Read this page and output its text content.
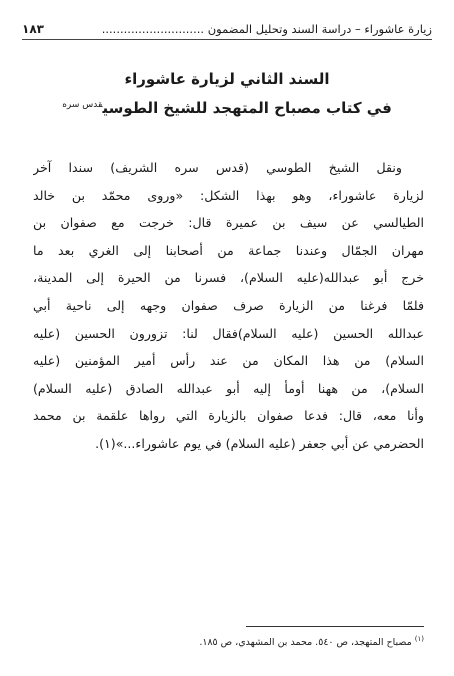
زيارة عاشوراء – دراسة السند وتحليل المضمون ............................
١٨٣
السند الثاني لزيارة عاشوراء
في كتاب مصباح المتهجد للشيخ الطوسي$^{قدس سره}$
ونقل الشيخ الطوسي (قدس سره الشريف) سندا آخر
لزيارة عاشوراء، وهو بهذا الشكل: «وروى محمّد بن خالد
الطيالسي عن سيف بن عميرة قال: خرجت مع صفوان بن
مهران الجمّال وعندنا جماعة من أصحابنا إلى الغري بعد ما
خرج أبو عبدالله(عليه السلام)، فسرنا من الحيرة إلى المدينة،
فلمّا فرغنا من الزيارة صرف صفوان وجهه إلى ناحية أبي
عبدالله الحسين (عليه السلام)فقال لنا: تزورون الحسين (عليه
السلام) من هذا المكان من عند رأس أمير المؤمنين (عليه
السلام)، من ههنا أومأ إليه أبو عبدالله الصادق (عليه السلام)
وأنا معه، قال: فدعا صفوان بالزيارة التي رواها علقمة بن محمد
الحضرمي عن أبي جعفر (عليه السلام) في يوم عاشوراء...»(١).
$^{(١)}$مصباح المتهجد، ص ٥٤٠. محمد بن المشهدي، ص ١٨٥.
